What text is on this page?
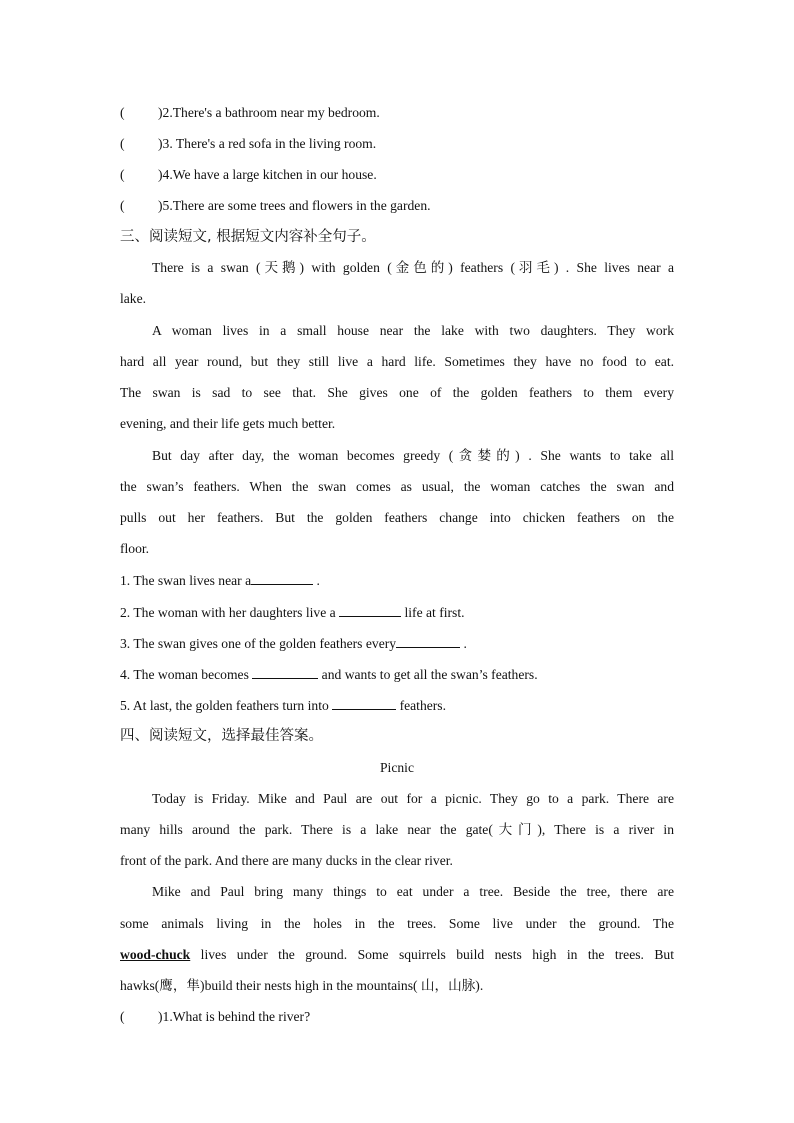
( )2.There's a bathroom near my bedroom.
( )3. There's a red sofa in the living room.
( )4.We have a large kitchen in our house.
( )5.There are some trees and flowers in the garden.
三、阅读短文, 根据短文内容补全句子。
There is a swan (天鹅) with golden (金色的) feathers (羽毛) . She lives near a
lake.
A woman lives in a small house near the lake with two daughters. They work
hard all year round, but they still live a hard life. Sometimes they have no food to eat.
The swan is sad to see that. She gives one of the golden feathers to them every
evening, and their life gets much better.
But day after day, the woman becomes greedy (贪婪的) . She wants to take all
the swan’s feathers. When the swan comes as usual, the woman catches the swan and
pulls out her feathers. But the golden feathers change into chicken feathers on the
floor.
1. The swan lives near a	.
2. The woman with her daughters live a	life at first.
3. The swan gives one of the golden feathers every	.
4. The woman becomes	and wants to get all the swan’s feathers.
5. At last, the golden feathers turn into	feathers.
四、阅读短文，选择最佳答案。
Picnic
Today is Friday. Mike and Paul are out for a picnic. They go to a park. There are
many hills around the park. There is a lake near the gate(大门), There is a river in
front of the park. And there are many ducks in the clear river.
Mike and Paul bring many things to eat under a tree. Beside the tree, there are
some animals living in the holes in the trees. Some live under the ground. The
wood-chuck lives under the ground. Some squirrels build nests high in the trees. But
hawks(鹰，隼)build their nests high in the mountains( 山，山脉).
( )1.What is behind the river?
